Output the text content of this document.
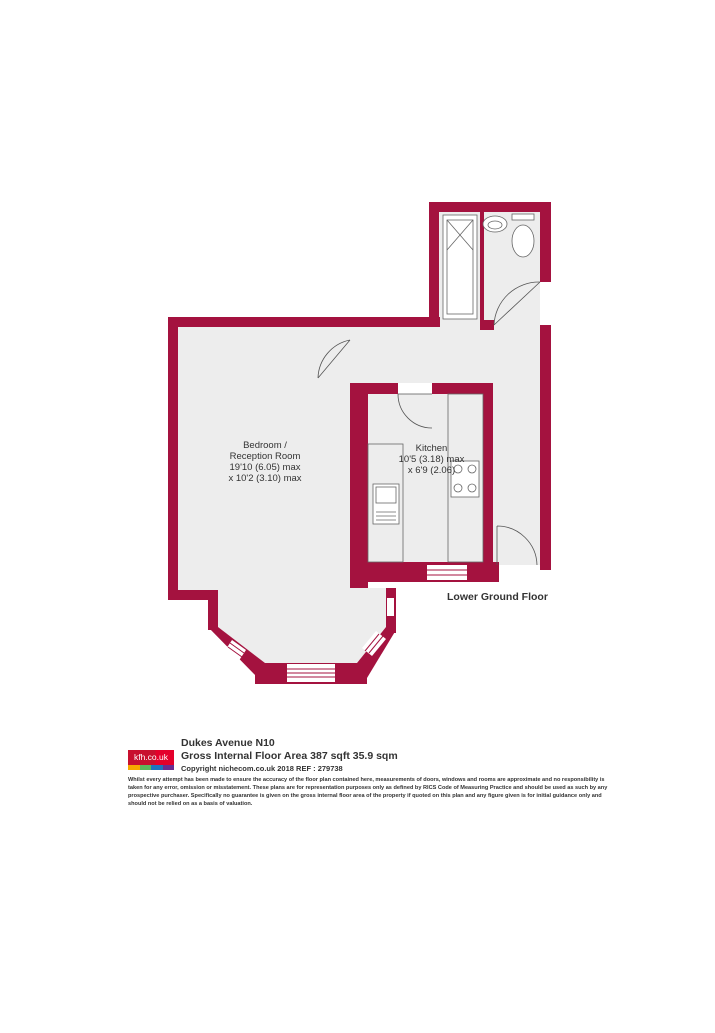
Bedroom /
Reception Room
19'10 (6.05) max
x 10'2 (3.10) max
Kitchen
10'5 (3.18) max
x 6'9 (2.06)
Lower Ground Floor
kfh.co.uk
Dukes Avenue N10
Gross Internal Floor Area 387 sqft 35.9 sqm
Copyright nichecom.co.uk 2018 REF : 279738
Whilst every attempt has been made to ensure the accuracy of the floor plan contained here, measurements of doors, windows and rooms are approximate and no responsibility is taken for any error, omission or misstatement. These plans are for representation purposes only as defined by RICS Code of Measuring Practice and should be used as such by any prospective purchaser. Specifically no guarantee is given on the gross internal floor area of the property if quoted on this plan and any figure given is for initial guidance only and should not be relied on as a basis of valuation.
